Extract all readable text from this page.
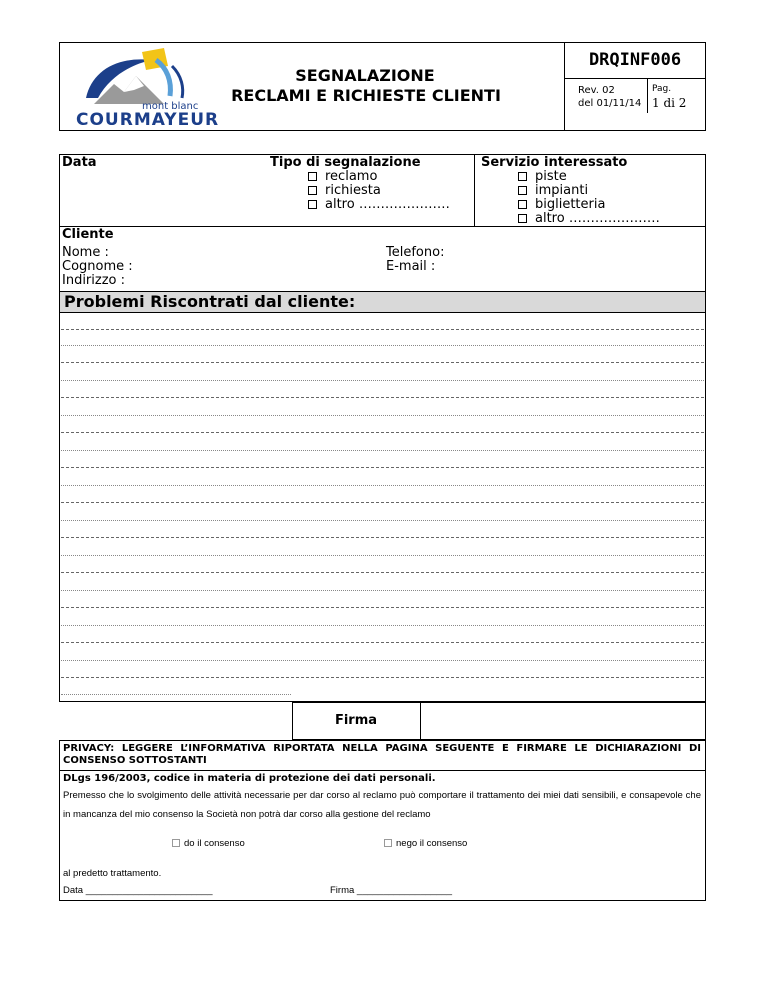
mont blanc
COURMAYEUR
SEGNALAZIONE
RECLAMI E RICHIESTE CLIENTI
DRQINF006
Rev. 02
del 01/11/14
Pag.
1 di 2
Data	Tipo di segnalazione
reclamo
richiesta
altro …………………
Servizio interessato
piste
impianti
biglietteria
altro …………………
Cliente
Nome :
Cognome :
Indirizzo :
Telefono:
E-mail :
Problemi Riscontrati dal cliente:
Firma
PRIVACY: LEGGERE L’INFORMATIVA RIPORTATA NELLA PAGINA SEGUENTE E FIRMARE LE DICHIARAZIONI DI CONSENSO SOTTOSTANTI
DLgs 196/2003, codice in materia di protezione dei dati personali.
Premesso che lo svolgimento delle attività necessarie per dar corso al reclamo può comportare il trattamento dei miei dati sensibili, e consapevole che in mancanza del mio consenso la Società non potrà dar corso alla gestione del reclamo
do il consenso	nego il consenso
al predetto trattamento.
Data ________________________	Firma __________________
